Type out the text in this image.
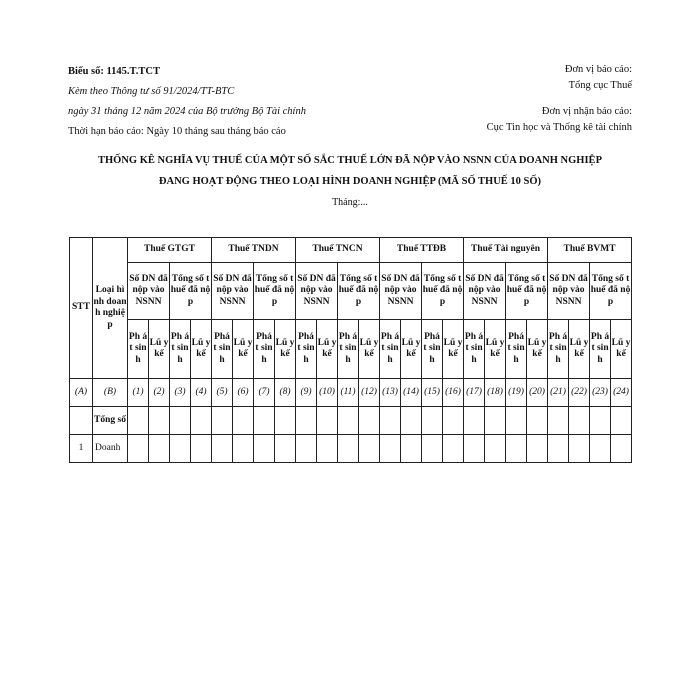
Biểu số: 1145.T.TCT
Kèm theo Thông tư số 91/2024/TT-BTC
ngày 31 tháng 12 năm 2024 của Bộ trưởng Bộ Tài chính
Thời hạn báo cáo: Ngày 10 tháng sau tháng báo cáo
Đơn vị báo cáo:
Tổng cục Thuế
Đơn vị nhận báo cáo:
Cục Tin học và Thống kê tài chính
THỐNG KÊ NGHĨA VỤ THUẾ CỦA MỘT SỐ SẮC THUẾ LỚN ĐÃ NỘP VÀO NSNN CỦA DOANH NGHIỆP
ĐANG HOẠT ĐỘNG THEO LOẠI HÌNH DOANH NGHIỆP (MÃ SỐ THUẾ 10 SỐ)
Tháng:...
STT	Loại hình doanh nghiệp	Thuế GTGT				Thuế TNDN				Thuế TNCN				Thuế TTĐB				Thuế Tài nguyên				Thuế BVMT			
		Số DN đã nộp vào NSNN		Tổng số thuế đã nộp		Số DN đã nộp vào NSNN		Tổng số thuế đã nộp		Số DN đã nộp vào NSNN		Tổng số thuế đã nộp		Số DN đã nộp vào NSNN		Tổng số thuế đã nộp		Số DN đã nộp vào NSNN		Tổng số thuế đã nộp		Số DN đã nộp vào NSNN		Tổng số thuế đã nộp	
		Ph át sin h	Lũ y kế	Ph át sin h	Lũ y kế	Phá t sin h	Lũ y kế	Phá t sin h	Lũ y kế	Phá t sin h	Lũ y kế	Ph át sin h	Lũ y kế	Ph át sin h	Lũ y kế	Phá t sin h	Lũ y kế	Ph át sin h	Lũ y kế	Phá t sin h	Lũ y kế	Ph át sin h	Lũ y kế	Ph át sin h	Lũ y kế
(A)	(B)	(1)	(2)	(3)	(4)	(5)	(6)	(7)	(8)	(9)	(10)	(11)	(12)	(13)	(14)	(15)	(16)	(17)	(18)	(19)	(20)	(21)	(22)	(23)	(24)
	Tổng số																								
1	Doanh																								
